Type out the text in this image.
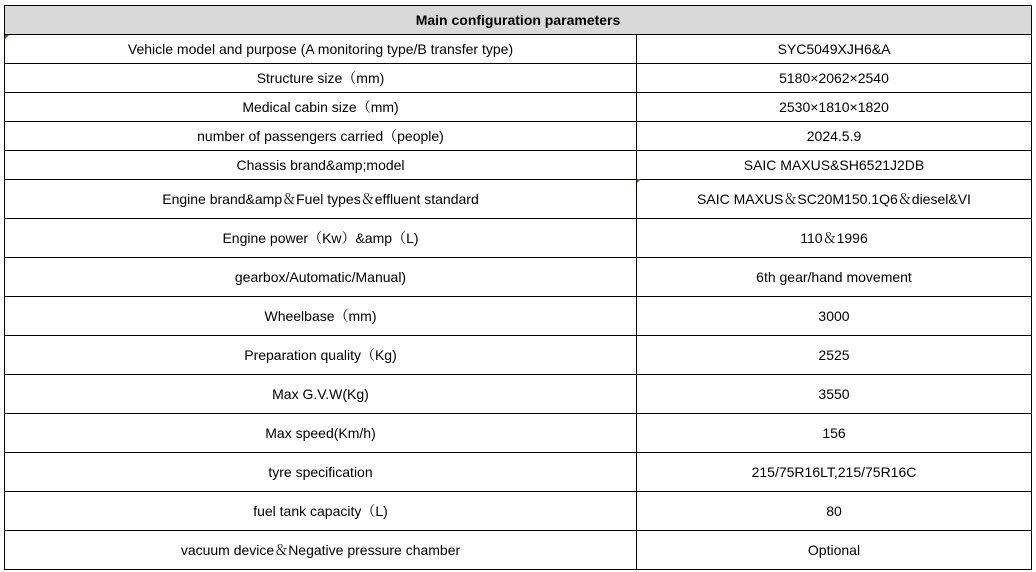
Main configuration parameters	
Vehicle model and purpose (A monitoring type/B transfer type)	SYC5049XJH6&A
Structure size（mm)	5180×2062×2540
Medical cabin size（mm)	2530×1810×1820
number of passengers carried（people)	2024.5.9
Chassis brand&amp;model	SAIC MAXUS&SH6521J2DB
Engine brand&amp＆Fuel types＆effluent standard	SAIC MAXUS＆SC20M150.1Q6＆diesel&VI
Engine power（Kw）&amp（L)	110＆1996
gearbox/Automatic/Manual)	6th gear/hand movement
Wheelbase（mm)	3000
Preparation quality（Kg)	2525
Max G.V.W(Kg)	3550
Max speed(Km/h)	156
tyre specification	215/75R16LT,215/75R16C
fuel tank capacity（L)	80
vacuum device＆Negative pressure chamber	Optional
